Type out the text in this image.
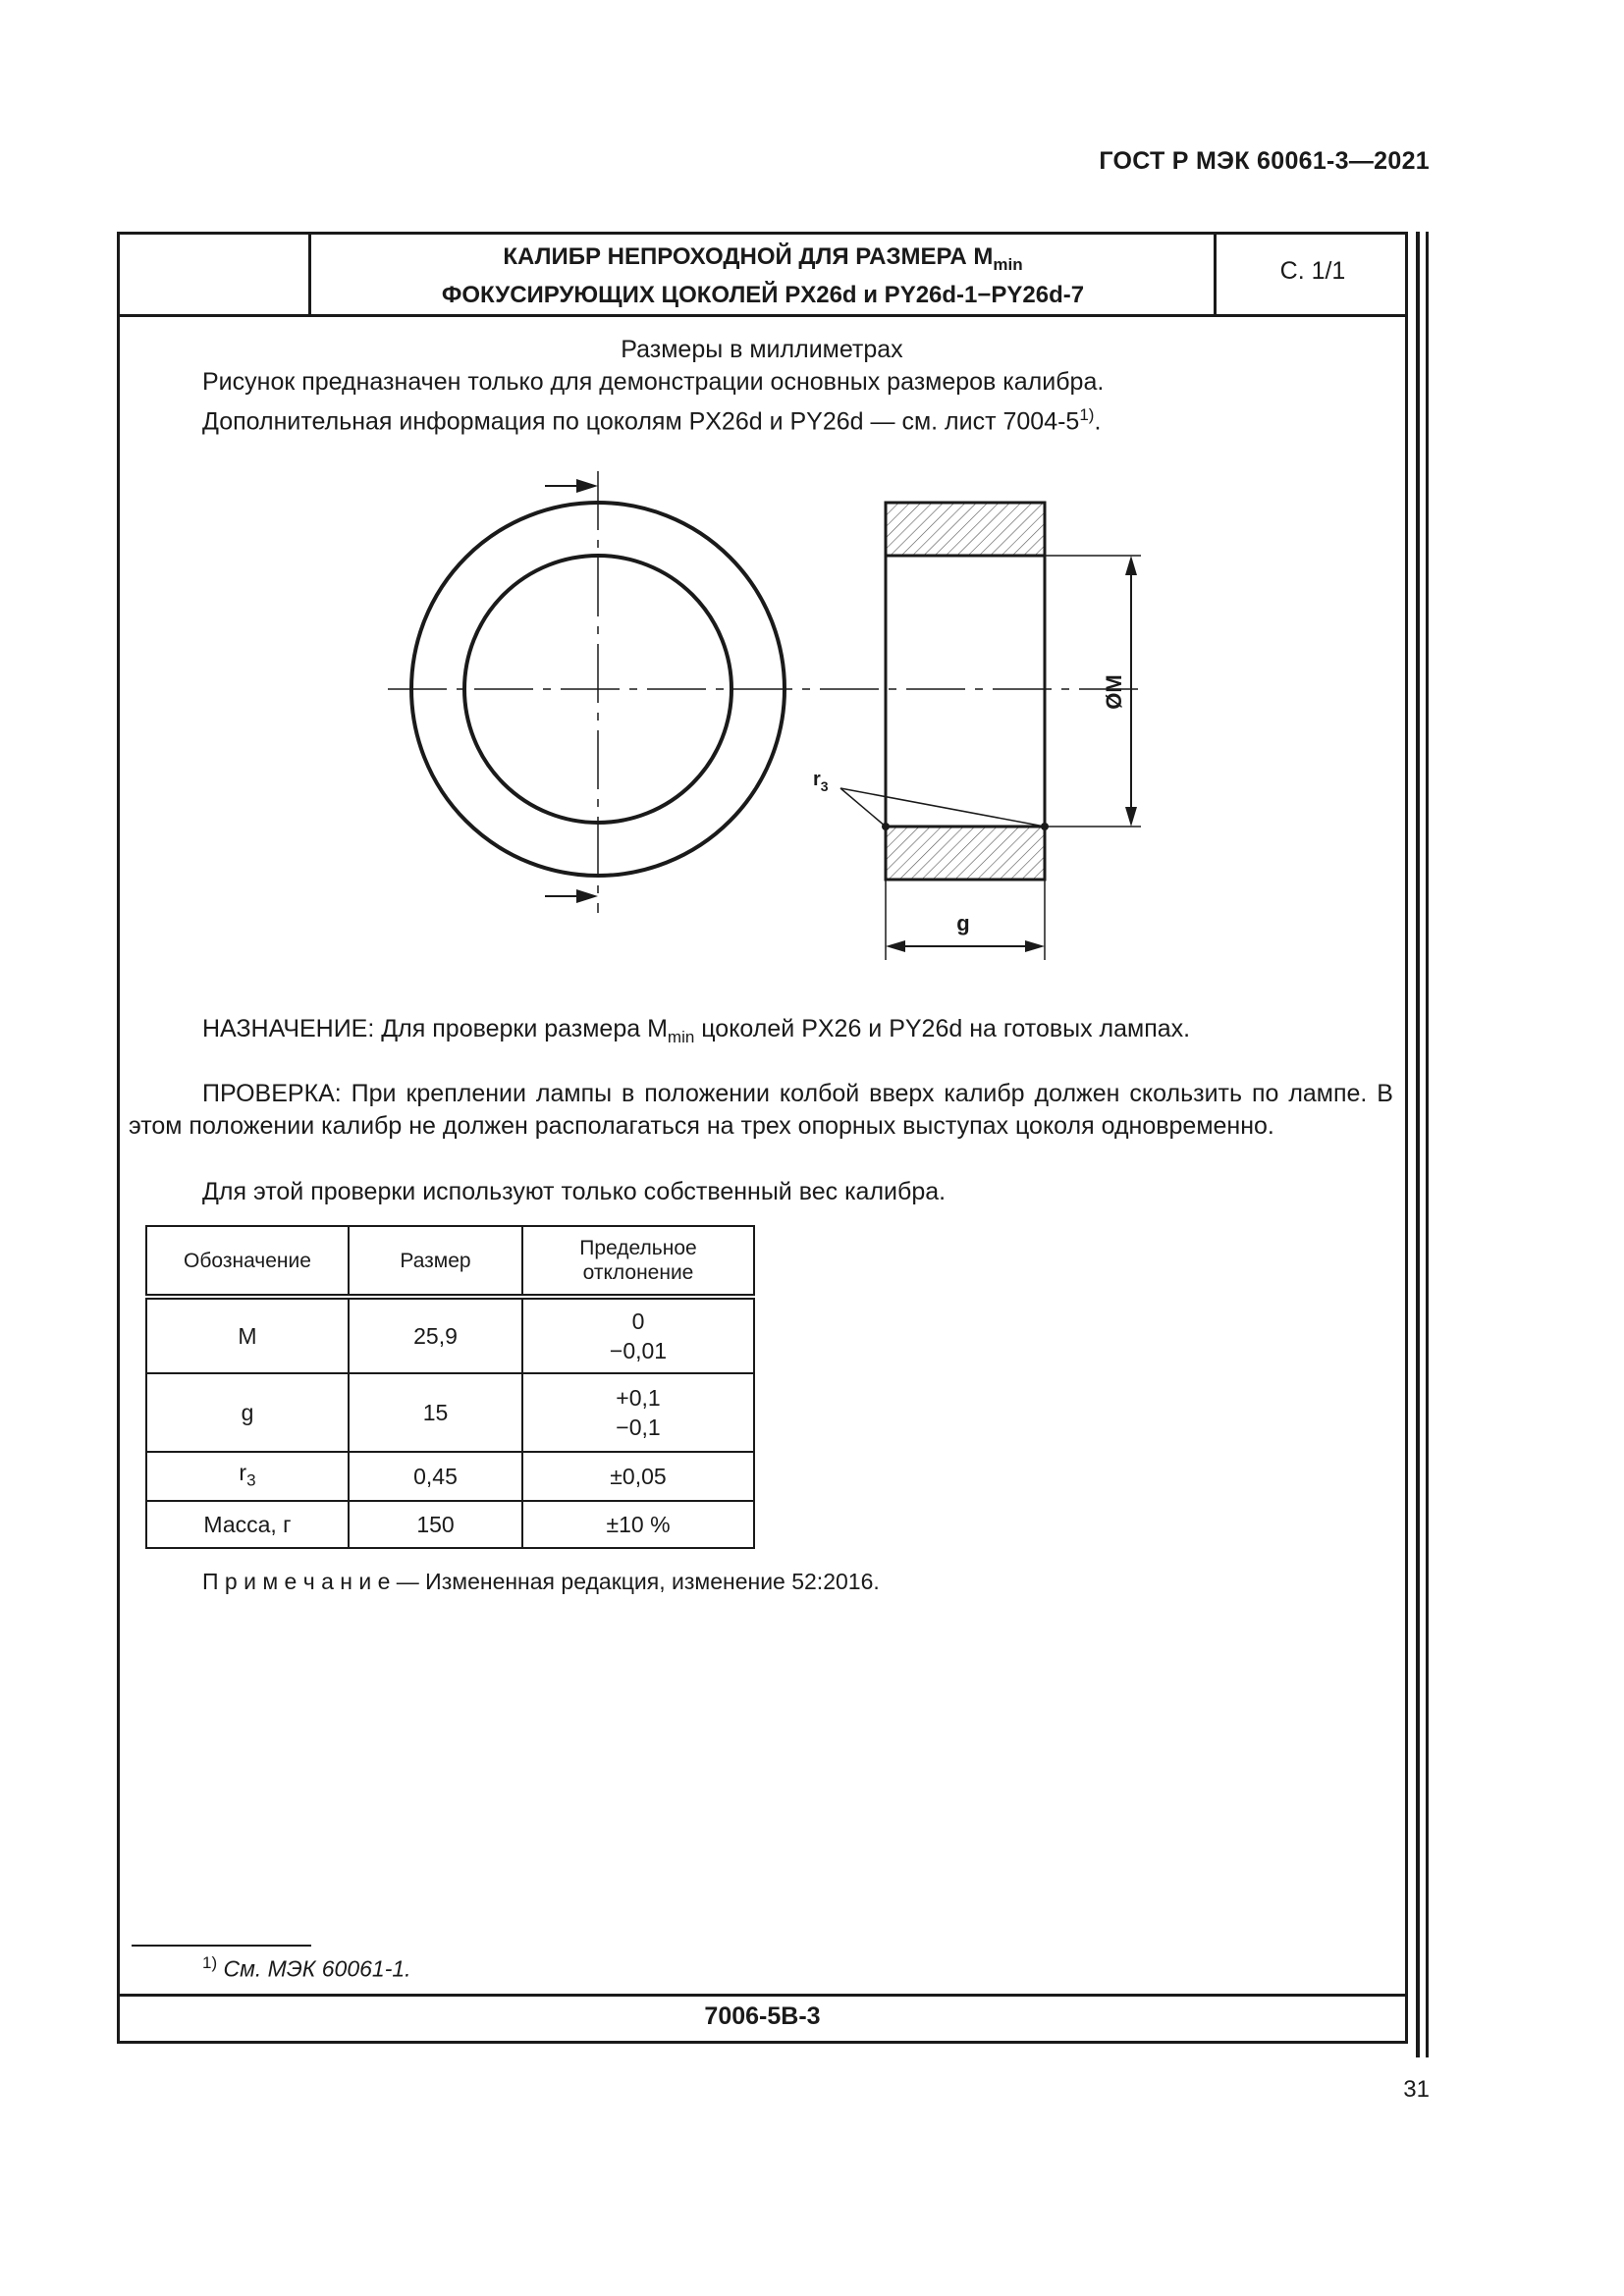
ГОСТ Р МЭК 60061-3—2021
КАЛИБР НЕПРОХОДНОЙ ДЛЯ РАЗМЕРА $M_{min}$
ФОКУСИРУЮЩИХ ЦОКОЛЕЙ PX26d и PY26d-1−PY26d-7
С. 1/1
Размеры в миллиметрах
Рисунок предназначен только для демонстрации основных размеров калибра.
Дополнительная информация по цоколям PX26d и PY26d — см. лист 7004-5$^{1)}$.
ØM
$r_3$
g
НАЗНАЧЕНИЕ: Для проверки размера $M_{min}$ цоколей PX26 и PY26d на готовых лампах.
ПРОВЕРКА: При креплении лампы в положении колбой вверх калибр должен скользить по лампе. В этом положении калибр не должен располагаться на трех опорных выступах цоколя одновременно.
Для этой проверки используют только собственный вес калибра.
Обозначение	Размер	Предельное отклонение
M	25,9	0
−0,01

g	15	+0,1
−0,1

$r_3$	0,45	±0,05
Масса, г	150	±10 %
П р и м е ч а н и е — Измененная редакция, изменение 52:2016.
$^{1)}$ См. МЭК 60061-1.
7006-5B-3
31
